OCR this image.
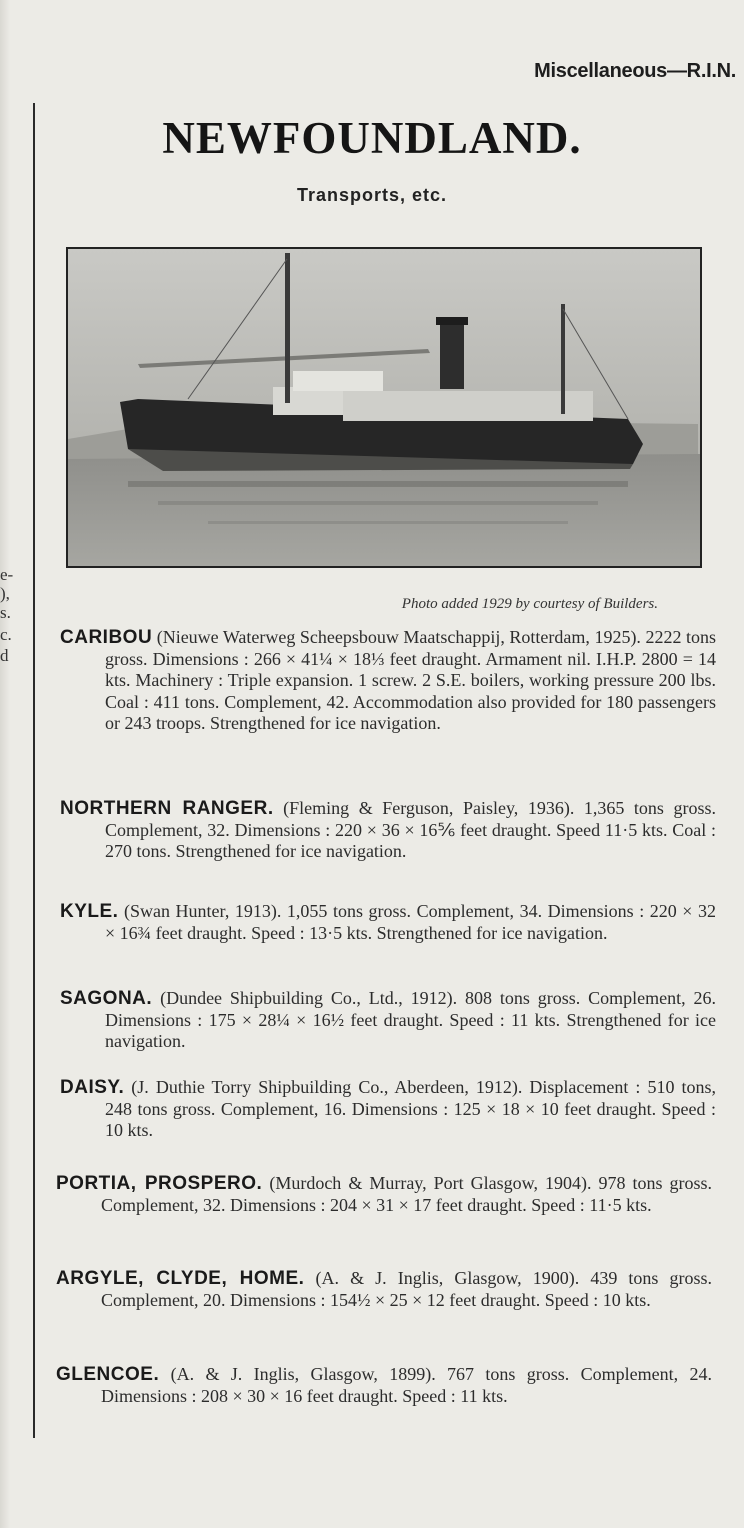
e-
),
s.
c.
d
Miscellaneous—R.I.N.
NEWFOUNDLAND.
Transports, etc.
Photo added 1929 by courtesy of Builders.
CARIBOU (Nieuwe Waterweg Scheepsbouw Maatschappij, Rotterdam, 1925). 2222 tons gross. Dimensions : 266 × 41¼ × 18⅓ feet draught. Armament nil. I.H.P. 2800 = 14 kts. Machinery : Triple expansion. 1 screw. 2 S.E. boilers, working pressure 200 lbs. Coal : 411 tons. Complement, 42. Accommodation also provided for 180 passengers or 243 troops. Strengthened for ice navigation.
NORTHERN RANGER. (Fleming & Ferguson, Paisley, 1936). 1,365 tons gross. Complement, 32. Dimensions : 220 × 36 × 16⅚ feet draught. Speed 11·5 kts. Coal : 270 tons. Strengthened for ice navigation.
KYLE. (Swan Hunter, 1913). 1,055 tons gross. Complement, 34. Dimensions : 220 × 32 × 16¾ feet draught. Speed : 13·5 kts. Strengthened for ice navigation.
SAGONA. (Dundee Shipbuilding Co., Ltd., 1912). 808 tons gross. Complement, 26. Dimensions : 175 × 28¼ × 16½ feet draught. Speed : 11 kts. Strengthened for ice navigation.
DAISY. (J. Duthie Torry Shipbuilding Co., Aberdeen, 1912). Displacement : 510 tons, 248 tons gross. Complement, 16. Dimensions : 125 × 18 × 10 feet draught. Speed : 10 kts.
PORTIA, PROSPERO. (Murdoch & Murray, Port Glasgow, 1904). 978 tons gross. Complement, 32. Dimensions : 204 × 31 × 17 feet draught. Speed : 11·5 kts.
ARGYLE, CLYDE, HOME. (A. & J. Inglis, Glasgow, 1900). 439 tons gross. Complement, 20. Dimensions : 154½ × 25 × 12 feet draught. Speed : 10 kts.
GLENCOE. (A. & J. Inglis, Glasgow, 1899). 767 tons gross. Complement, 24. Dimensions : 208 × 30 × 16 feet draught. Speed : 11 kts.
